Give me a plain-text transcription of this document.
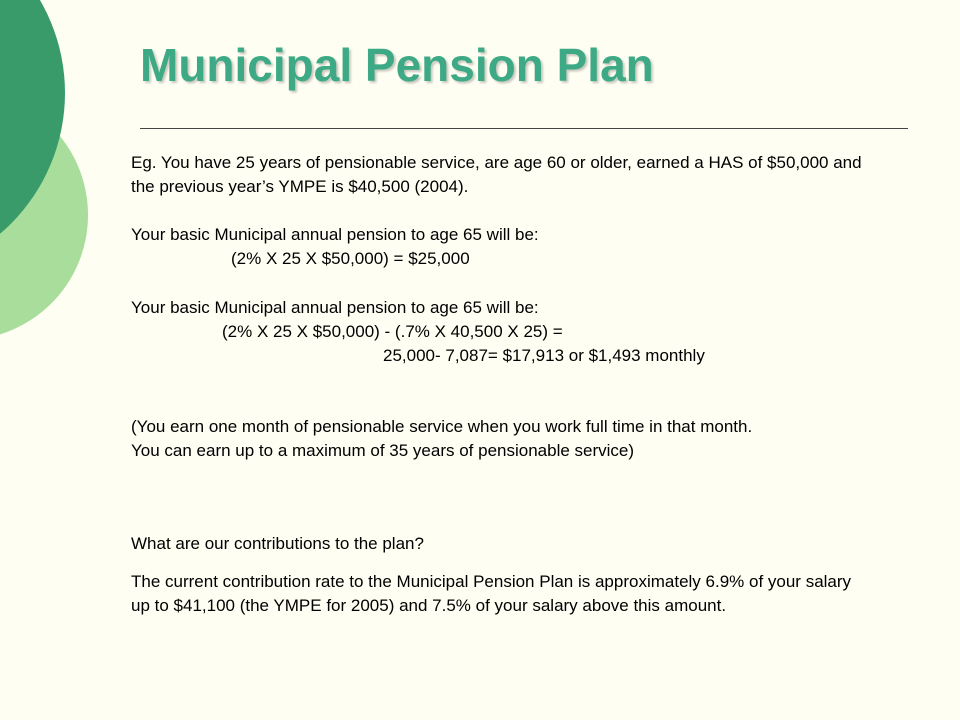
Municipal Pension Plan

Eg. You have 25 years of pensionable service, are age 60 or older, earned a HAS of $50,000 and the previous year’s YMPE is $40,500 (2004).

Your basic Municipal annual pension to age 65 will be:

(2% X 25 X $50,000) = $25,000

Your basic Municipal annual pension to age 65 will be:

(2% X 25 X $50,000) - (.7% X 40,500 X 25) =

25,000- 7,087= $17,913 or $1,493 monthly

(You earn one month of pensionable service when you work full time in that month.
You can earn up to a maximum of 35 years of pensionable service)

What are our contributions to the plan?

The current contribution rate to the Municipal Pension Plan is approximately 6.9% of your salary up to $41,100 (the YMPE for 2005) and 7.5% of your salary above this amount.
